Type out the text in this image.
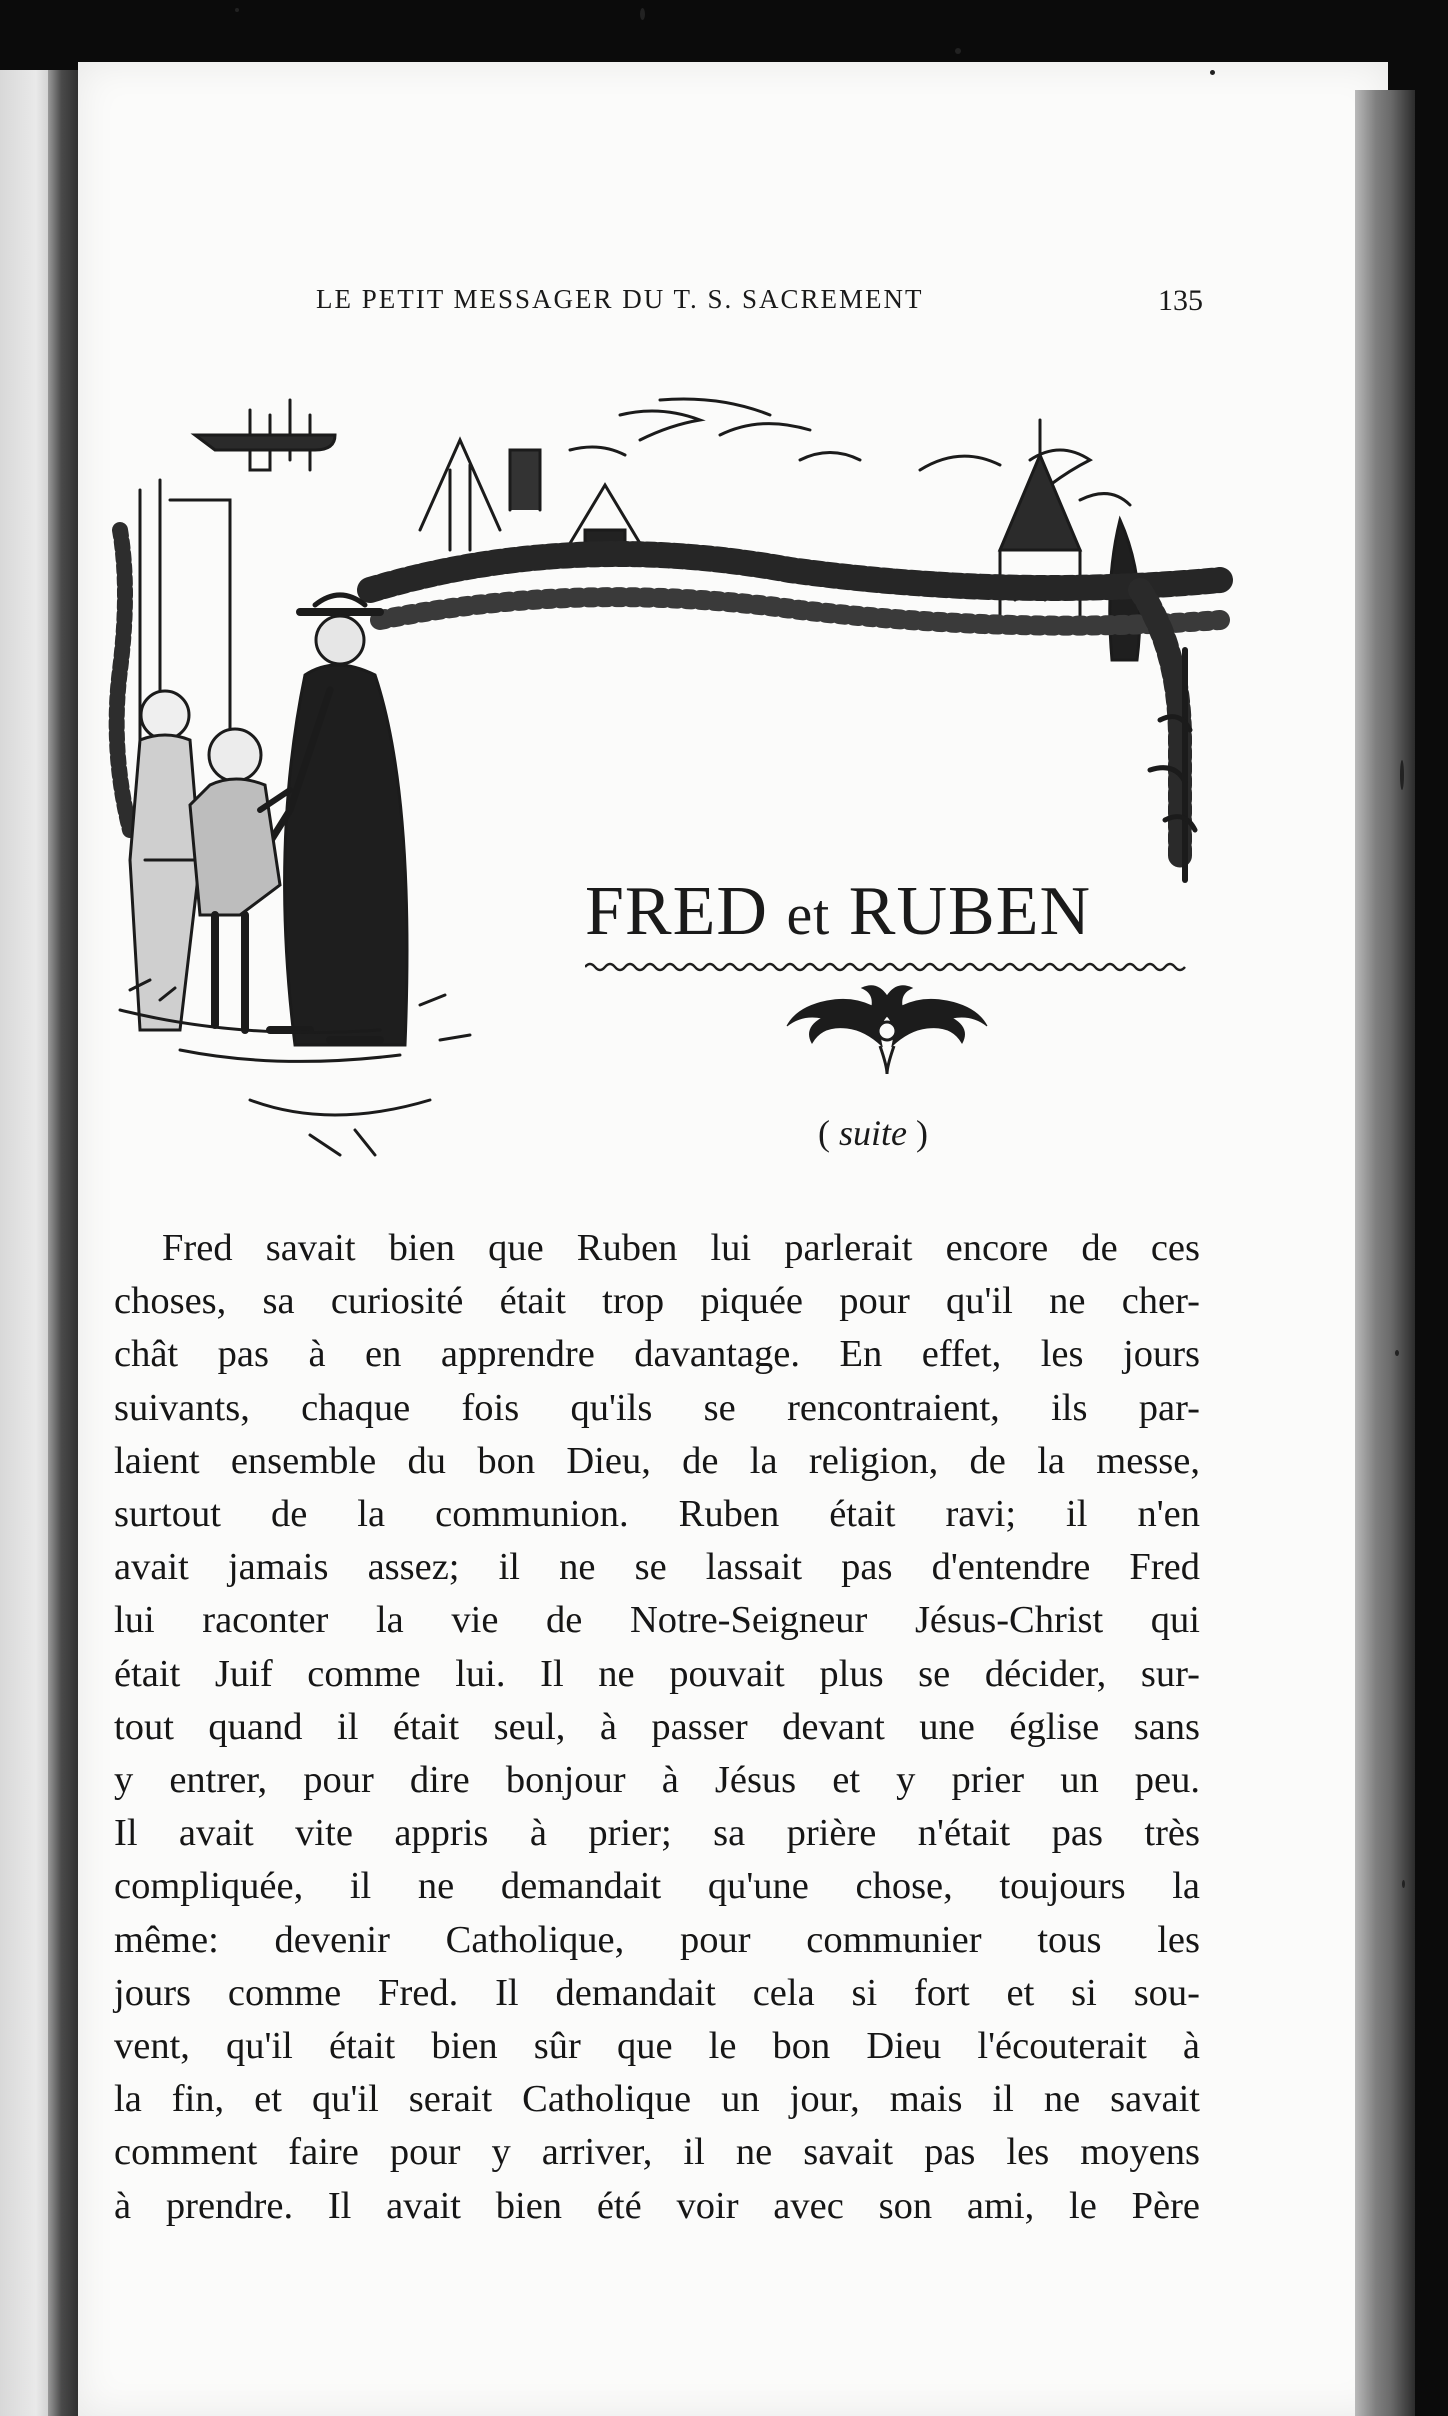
LE PETIT MESSAGER DU T. S. SACREMENT	135
FRED et RUBEN
( suite )
Fred savait bien que Ruben lui parlerait encore de ces
choses, sa curiosité était trop piquée pour qu'il ne cher-
chât pas à en apprendre davantage. En effet, les jours
suivants, chaque fois qu'ils se rencontraient, ils par-
laient ensemble du bon Dieu, de la religion, de la messe,
surtout de la communion. Ruben était ravi; il n'en
avait jamais assez; il ne se lassait pas d'entendre Fred
lui raconter la vie de Notre-Seigneur Jésus-Christ qui
était Juif comme lui. Il ne pouvait plus se décider, sur-
tout quand il était seul, à passer devant une église sans
y entrer, pour dire bonjour à Jésus et y prier un peu.
Il avait vite appris à prier; sa prière n'était pas très
compliquée, il ne demandait qu'une chose, toujours la
même: devenir Catholique, pour communier tous les
jours comme Fred. Il demandait cela si fort et si sou-
vent, qu'il était bien sûr que le bon Dieu l'écouterait à
la fin, et qu'il serait Catholique un jour, mais il ne savait
comment faire pour y arriver, il ne savait pas les moyens
à prendre. Il avait bien été voir avec son ami, le Père
